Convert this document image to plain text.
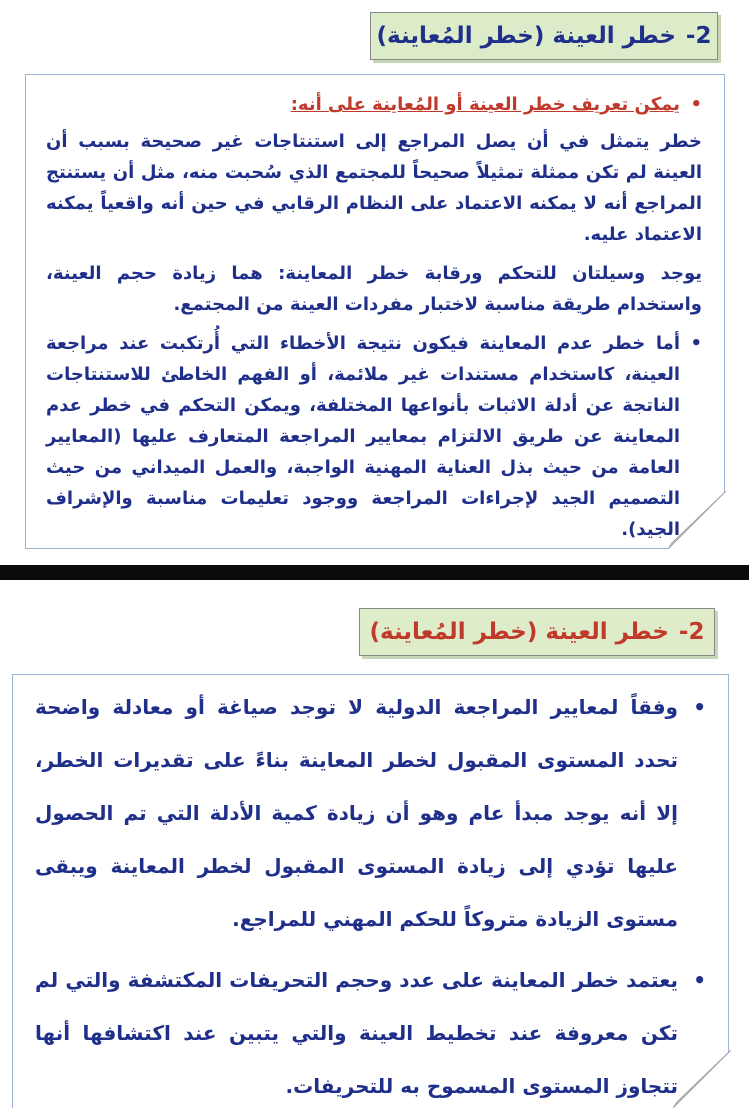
2-
خطر العينة (خطر المُعاينة)
•

يمكن تعريف خطر العينة أو المُعاينة على أنه:

خطر يتمثل في أن يصل المراجع إلى استنتاجات غير صحيحة بسبب أن العينة لم تكن ممثلة تمثيلاً صحيحاً للمجتمع الذي سُحبت منه، مثل أن يستنتج المراجع أنه لا يمكنه الاعتماد على النظام الرقابي في حين أنه واقعياً يمكنه الاعتماد عليه.

يوجد وسيلتان للتحكم ورقابة خطر المعاينة: هما زيادة حجم العينة، واستخدام طريقة مناسبة لاختبار مفردات العينة من المجتمع.

•

أما خطر عدم المعاينة فيكون نتيجة الأخطاء التي أُرتكبت عند مراجعة العينة، كاستخدام مستندات غير ملائمة، أو الفهم الخاطئ للاستنتاجات الناتجة عن أدلة الاثبات بأنواعها المختلفة، ويمكن التحكم في خطر عدم المعاينة عن طريق الالتزام بمعايير المراجعة المتعارف عليها (المعايير العامة من حيث بذل العناية المهنية الواجبة، والعمل الميداني من حيث التصميم الجيد لإجراءات المراجعة ووجود تعليمات مناسبة والإشراف الجيد).

2-
خطر العينة (خطر المُعاينة)
•

وفقاً لمعايير المراجعة الدولية لا توجد صياغة أو معادلة واضحة تحدد المستوى المقبول لخطر المعاينة بناءً على تقديرات الخطر، إلا أنه يوجد مبدأ عام وهو أن زيادة كمية الأدلة التي تم الحصول عليها تؤدي إلى زيادة المستوى المقبول لخطر المعاينة ويبقى مستوى الزيادة متروكاً للحكم المهني للمراجع.

•

يعتمد خطر المعاينة على عدد وحجم التحريفات المكتشفة والتي لم تكن معروفة عند تخطيط العينة والتي يتبين عند اكتشافها أنها تتجاوز المستوى المسموح به للتحريفات.
